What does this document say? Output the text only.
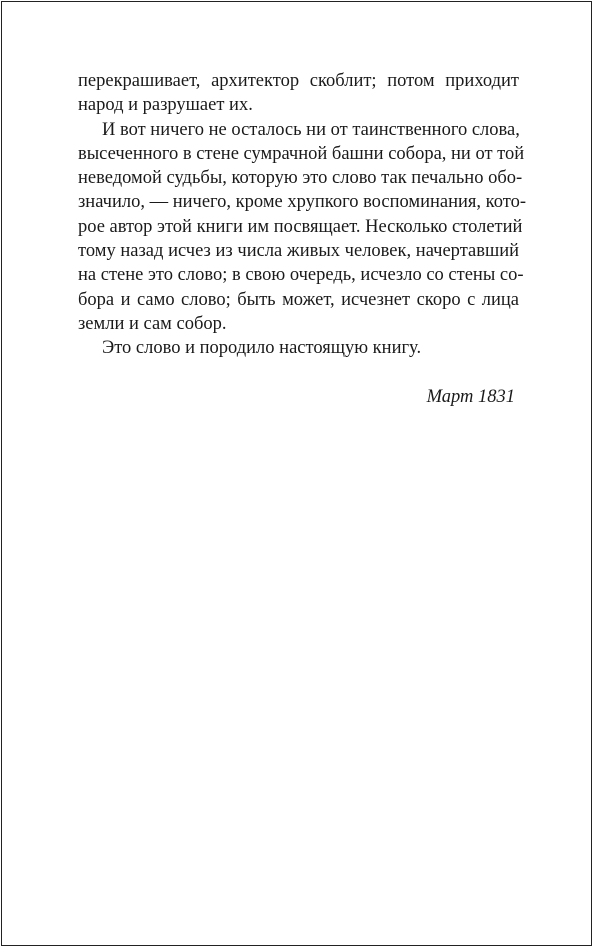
перекрашивает, архитектор скоблит; потом приходит
народ и разрушает их.
И вот ничего не осталось ни от таинственного слова,
высеченного в стене сумрачной башни собора, ни от той
неведомой судьбы, которую это слово так печально обо-
значило, — ничего, кроме хрупкого воспоминания, кото-
рое автор этой книги им посвящает. Несколько столетий
тому назад исчез из числа живых человек, начертавший
на стене это слово; в свою очередь, исчезло со стены со-
бора и само слово; быть может, исчезнет скоро с лица
земли и сам собор.
Это слово и породило настоящую книгу.
Март 1831
